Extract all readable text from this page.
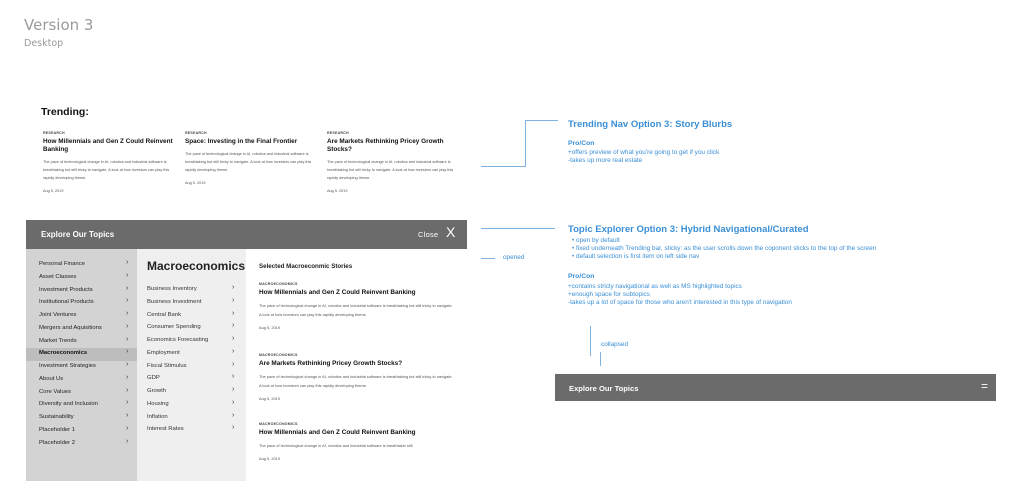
Version 3
Desktop
Trending:
RESEARCH
How Millennials and Gen Z Could Reinvent Banking
The pace of technological change in AI, robotics and industrial software is breathtaking but still tricky to navigate. A look at how investors can play this rapidly developing theme.
Aug 5, 2019
RESEARCH
Space: Investing in the Final Frontier
The pace of technological change in AI, robotics and industrial software is breathtaking but still tricky to navigate. A look at how investors can play this rapidly developing theme.
Aug 5, 2019
RESEARCH
Are Markets Rethinking Pricey Growth Stocks?
The pace of technological change in AI, robotics and industrial software is breathtaking but still tricky to navigate. A look at how investors can play this rapidly developing theme.
Aug 5, 2019
Trending Nav Option 3: Story Blurbs
Pro/Con
+offers preview of what you're going to get if you click
-takes up more real estate
opened
Topic Explorer Option 3: Hybrid Navigational/Curated
• open by default
• fixed underneath Trending bar, sticky: as the user scrolls down the coponent sticks to the top of the screen
• default selection is first item on left side nav
Pro/Con
+contains stricly navigational as well as MS highlighted topics
+enough space for subtopics
-takes up a lot of space for those who aren't interested in this type of navigation
collapsed
Explore Our Topics	Close X
Personal Finance	›
Asset Classes	›
Investment Products	›
Institutional Products	›
Joint Ventures	›
Mergers and Aquisitions	›
Market Trends	›
Macroeconomics	›
Investment Strategies	›
About Us	›
Core Values	›
Diversity and Inclusion	›
Sustainability	›
Placeholder 1	›
Placeholder 2	›
Macroeconomics
Business Inventory	›
Business Investment	›
Central Bank	›
Consumer Spending	›
Economics Forecasting	›
Employment	›
Fiscal Stimulus	›
GDP	›
Growth	›
Housing	›
Inflation	›
Interest Rates	›
Selected Macroeconmic Stories
MACROECONOMICS
How Millennials and Gen Z Could Reinvent Banking
The pace of technological change in AI, robotics and industrial software is breathtaking but still tricky to navigate. A look at how investors can play this rapidly developing theme.
Aug 5, 2019
MACROECONOMICS
Are Markets Rethinking Pricey Growth Stocks?
The pace of technological change in AI, robotics and industrial software is breathtaking but still tricky to navigate. A look at how investors can play this rapidly developing theme.
Aug 5, 2019
MACROECONOMICS
How Millennials and Gen Z Could Reinvent Banking
The pace of technological change in AI, robotics and industrial software is breathtakin still
Aug 5, 2019
Explore Our Topics	=
